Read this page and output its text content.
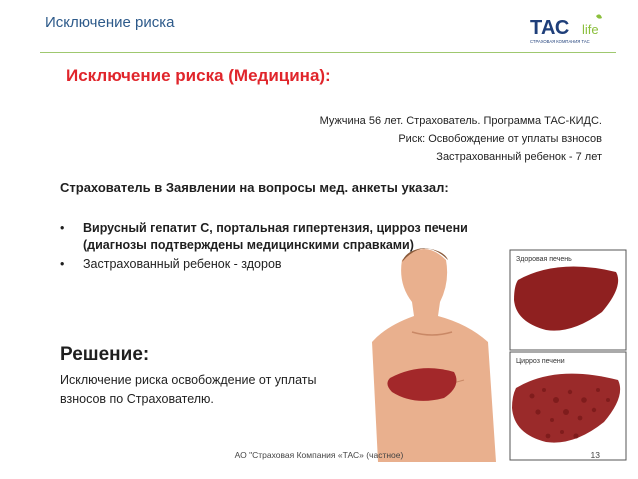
Исключение риска	ТАС life
СТРАХОВАЯ КОМПАНИЯ ТАС
Исключение риска (Медицина):
Мужчина 56 лет. Страхователь. Программа ТАС-КИДС.
Риск: Освобождение от уплаты взносов
Застрахованный ребенок - 7 лет
Страхователь в Заявлении на вопросы мед. анкеты указал:
• Вирусный гепатит С, портальная гипертензия, цирроз печени (диагнозы подтверждены медицинскими справками)
• Застрахованный ребенок - здоров
Решение:
Исключение риска освобождение от уплаты взносов по Страхователю.
Здоровая печень
Цирроз печени
АО "Страховая Компания «ТАС» (частное)	13
